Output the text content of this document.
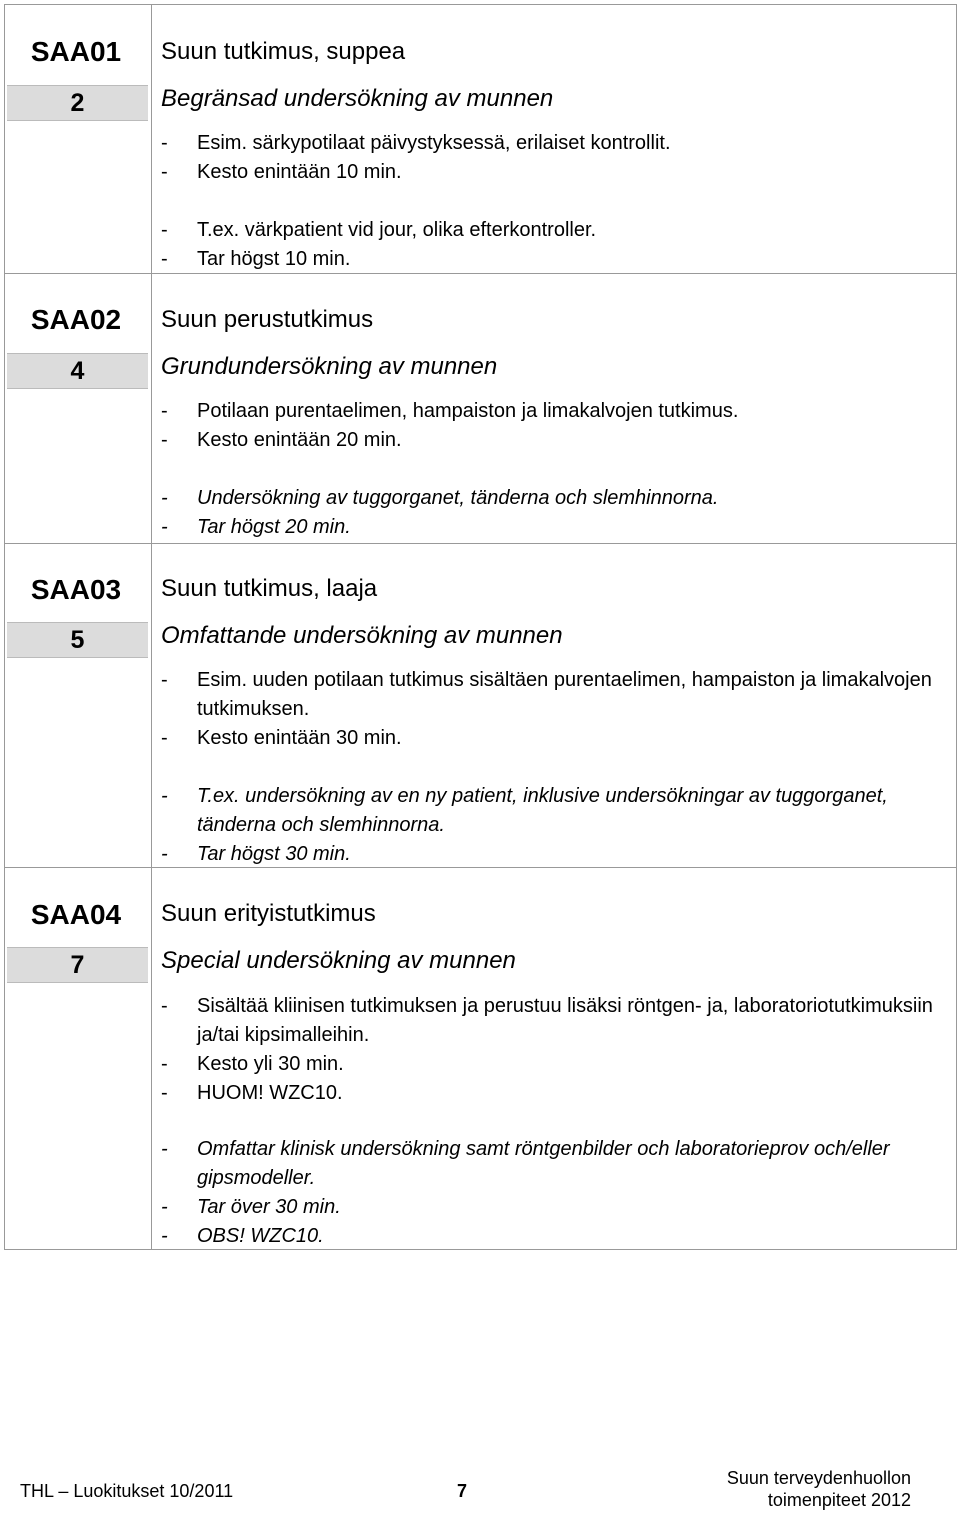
SAA01
2
Suun tutkimus, suppea
Begränsad undersökning av munnen
- Esim. särkypotilaat päivystyksessä, erilaiset kontrollit.
- Kesto enintään 10 min.
- T.ex. värkpatient vid jour, olika efterkontroller.
- Tar högst 10 min.
SAA02
4
Suun perustutkimus
Grundundersökning av munnen
- Potilaan purentaelimen, hampaiston ja limakalvojen tutkimus.
- Kesto enintään 20 min.
- Undersökning av tuggorganet, tänderna och slemhinnorna.
- Tar högst 20 min.
SAA03
5
Suun tutkimus, laaja
Omfattande undersökning av munnen
- Esim. uuden potilaan tutkimus sisältäen purentaelimen, hampaiston ja limakalvojen tutkimuksen.
- Kesto enintään 30 min.
- T.ex. undersökning av en ny patient, inklusive undersökningar av tuggorganet, tänderna och slemhinnorna.
- Tar högst 30 min.
SAA04
7
Suun erityistutkimus
Special undersökning av munnen
- Sisältää kliinisen tutkimuksen ja perustuu lisäksi röntgen- ja, laboratoriotutkimuksiin ja/tai kipsimalleihin.
- Kesto yli 30 min.
- HUOM! WZC10.
- Omfattar klinisk undersökning samt röntgenbilder och laboratorieprov och/eller gipsmodeller.
- Tar över 30 min.
- OBS! WZC10.
THL – Luokitukset 10/2011	7
Suun terveydenhuollon
toimenpiteet 2012
